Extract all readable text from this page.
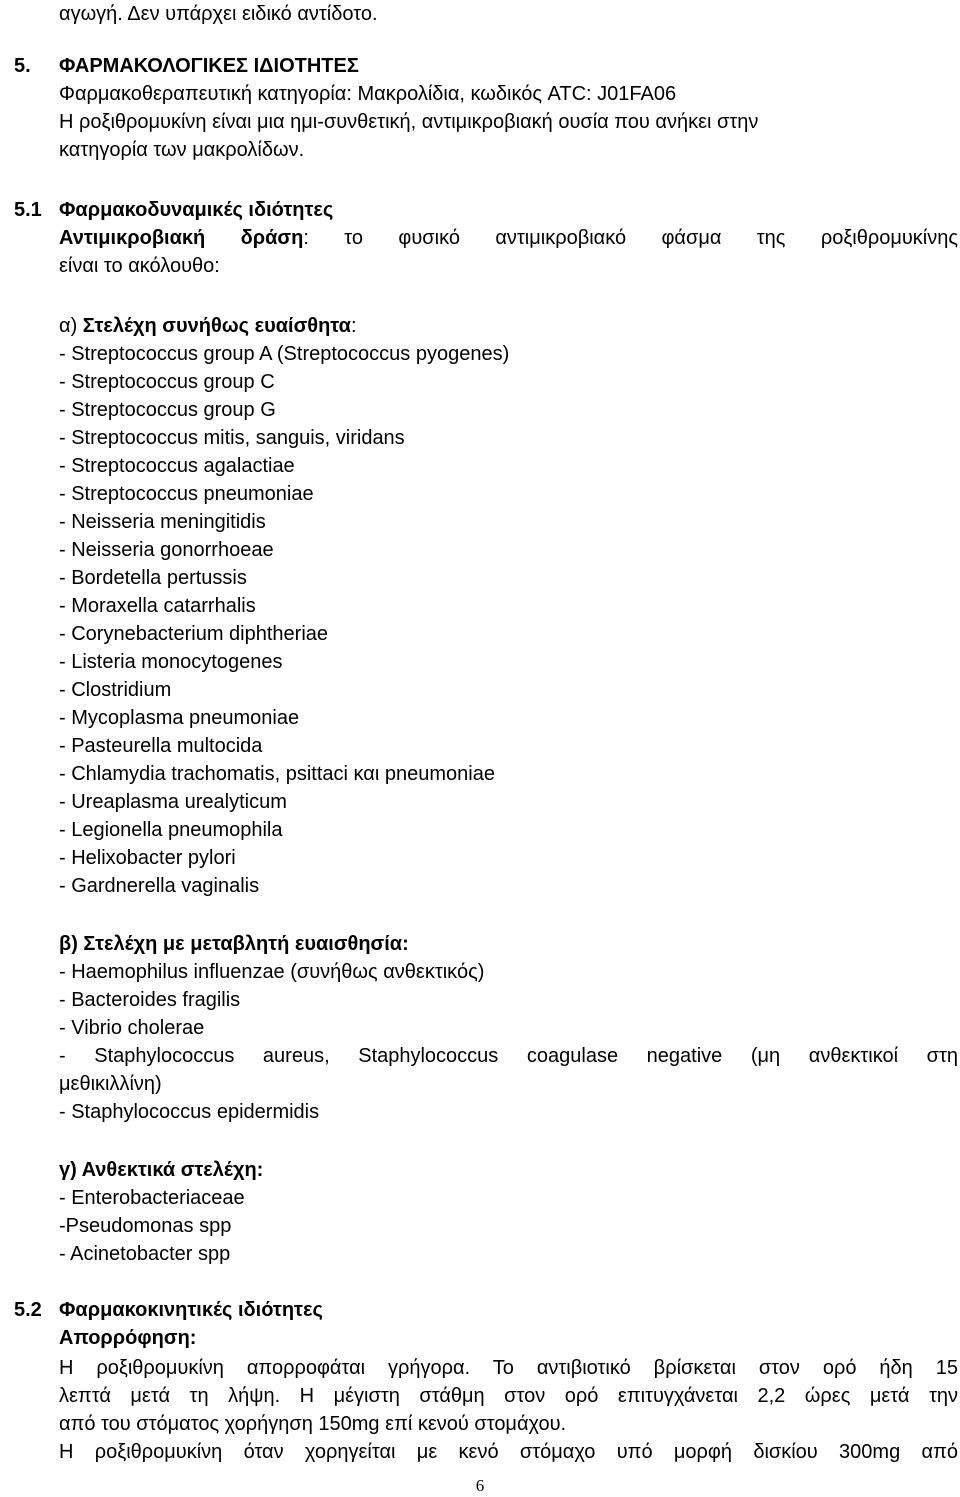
αγωγή. Δεν υπάρχει ειδικό αντίδοτο.
5. ΦΑΡΜΑΚΟΛΟΓΙΚΕΣ ΙΔΙΟΤΗΤΕΣ
Φαρμακοθεραπευτική κατηγορία: Μακρολίδια, κωδικός ATC: J01FA06
Η ροξιθρομυκίνη είναι μια ημι-συνθετική, αντιμικροβιακή ουσία που ανήκει στην
κατηγορία των μακρολίδων.
5.1 Φαρμακοδυναμικές ιδιότητες
Αντιμικροβιακή δράση: το φυσικό αντιμικροβιακό φάσμα της ροξιθρομυκίνης
είναι το ακόλουθο:
α) Στελέχη συνήθως ευαίσθητα:
- Streptococcus group A (Streptococcus pyogenes)
- Streptococcus group C
- Streptococcus group G
- Streptococcus mitis, sanguis, viridans
- Streptococcus agalactiae
- Streptococcus pneumoniae
- Neisseria meningitidis
- Neisseria gonorrhoeae
- Bordetella pertussis
- Moraxella catarrhalis
- Corynebacterium diphtheriae
- Listeria monocytogenes
- Clostridium
- Mycoplasma pneumoniae
- Pasteurella multocida
- Chlamydia trachomatis, psittaci και pneumoniae
- Ureaplasma urealyticum
- Legionella pneumophila
- Helixobacter pylori
- Gardnerella vaginalis
β) Στελέχη με μεταβλητή ευαισθησία:
- Haemophilus influenzae (συνήθως ανθεκτικός)
- Bacteroides fragilis
- Vibrio cholerae
- Staphylococcus aureus, Staphylococcus coagulase negative (μη ανθεκτικοί στη
μεθικιλλίνη)
- Staphylococcus epidermidis
γ) Ανθεκτικά στελέχη:
- Enterobacteriaceae
-Pseudomonas spp
- Acinetobacter spp
5.2 Φαρμακοκινητικές ιδιότητες
Απορρόφηση:
Η ροξιθρομυκίνη απορροφάται γρήγορα. Το αντιβιοτικό βρίσκεται στον ορό ήδη 15
λεπτά μετά τη λήψη. Η μέγιστη στάθμη στον ορό επιτυγχάνεται 2,2 ώρες μετά την
από του στόματος χορήγηση 150mg επί κενού στομάχου.
Η ροξιθρομυκίνη όταν χορηγείται με κενό στόμαχο υπό μορφή δισκίου 300mg από
6
